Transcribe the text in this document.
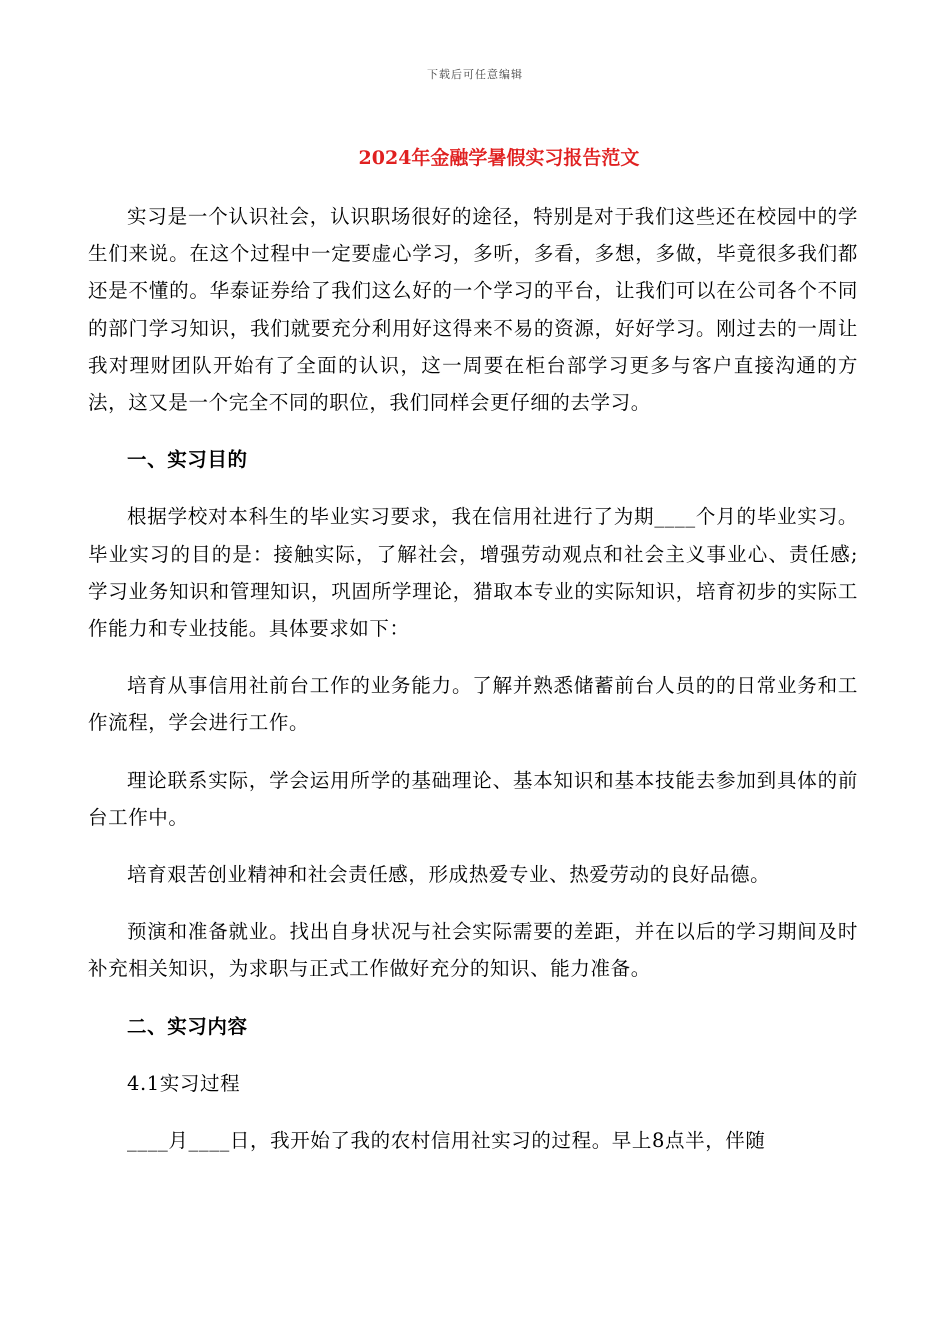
下载后可任意编辑
2024年金融学暑假实习报告范文

实习是一个认识社会，认识职场很好的途径，特别是对于我们这些还在校园中的学生们来说。在这个过程中一定要虚心学习，多听，多看，多想，多做，毕竟很多我们都还是不懂的。华泰证券给了我们这么好的一个学习的平台，让我们可以在公司各个不同的部门学习知识，我们就要充分利用好这得来不易的资源，好好学习。刚过去的一周让我对理财团队开始有了全面的认识，这一周要在柜台部学习更多与客户直接沟通的方法，这又是一个完全不同的职位，我们同样会更仔细的去学习。

一、实习目的

根据学校对本科生的毕业实习要求，我在信用社进行了为期____个月的毕业实习。毕业实习的目的是：接触实际，了解社会，增强劳动观点和社会主义事业心、责任感;学习业务知识和管理知识，巩固所学理论，猎取本专业的实际知识，培育初步的实际工作能力和专业技能。具体要求如下：

培育从事信用社前台工作的业务能力。了解并熟悉储蓄前台人员的的日常业务和工作流程，学会进行工作。

理论联系实际，学会运用所学的基础理论、基本知识和基本技能去参加到具体的前台工作中。

培育艰苦创业精神和社会责任感，形成热爱专业、热爱劳动的良好品德。

预演和准备就业。找出自身状况与社会实际需要的差距，并在以后的学习期间及时补充相关知识，为求职与正式工作做好充分的知识、能力准备。

二、实习内容

4.1实习过程

____月____日，我开始了我的农村信用社实习的过程。早上8点半，伴随
